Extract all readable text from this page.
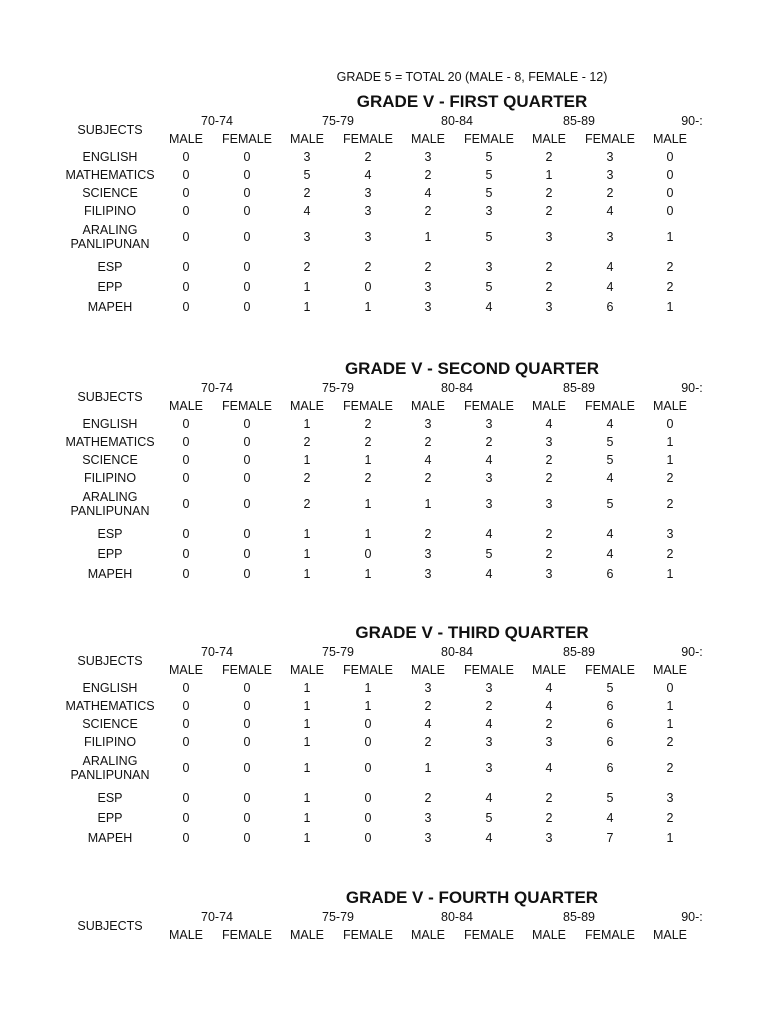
GRADE 5 = TOTAL 20 (MALE - 8, FEMALE - 12)
GRADE V - FIRST QUARTER
SUBJECTS
70-74	75-79	80-84	85-89	90-:
MALE FEMALE MALE FEMALE MALE FEMALE MALE FEMALE MALE
ENGLISH	0	0	3	2	3	5	2	3	0
MATHEMATICS 0	0	5	4	2	5	1	3	0
SCIENCE	0	0	2	3	4	5	2	2	0
FILIPINO	0	0	4	3	2	3	2	4	0
ARALING
PANLIPUNAN	0	0	3	3	1	5	3	3	1
ESP	0	0	2	2	2	3	2	4	2
EPP	0	0	1	0	3	5	2	4	2
MAPEH	0	0	1	1	3	4	3	6	1
GRADE V - SECOND QUARTER
SUBJECTS
70-74	75-79	80-84	85-89	90-:
MALE FEMALE MALE FEMALE MALE FEMALE MALE FEMALE MALE
ENGLISH	0	0	1	2	3	3	4	4	0
MATHEMATICS 0	0	2	2	2	2	3	5	1
SCIENCE	0	0	1	1	4	4	2	5	1
FILIPINO	0	0	2	2	2	3	2	4	2
ARALING
PANLIPUNAN	0	0	2	1	1	3	3	5	2
ESP	0	0	1	1	2	4	2	4	3
EPP	0	0	1	0	3	5	2	4	2
MAPEH	0	0	1	1	3	4	3	6	1
GRADE V - THIRD QUARTER
SUBJECTS
70-74	75-79	80-84	85-89	90-:
MALE FEMALE MALE FEMALE MALE FEMALE MALE FEMALE MALE
ENGLISH	0	0	1	1	3	3	4	5	0
MATHEMATICS 0	0	1	1	2	2	4	6	1
SCIENCE	0	0	1	0	4	4	2	6	1
FILIPINO	0	0	1	0	2	3	3	6	2
ARALING
PANLIPUNAN	0	0	1	0	1	3	4	6	2
ESP	0	0	1	0	2	4	2	5	3
EPP	0	0	1	0	3	5	2	4	2
MAPEH	0	0	1	0	3	4	3	7	1
GRADE V - FOURTH QUARTER
SUBJECTS
70-74	75-79	80-84	85-89	90-:
MALE FEMALE MALE FEMALE MALE FEMALE MALE FEMALE MALE
